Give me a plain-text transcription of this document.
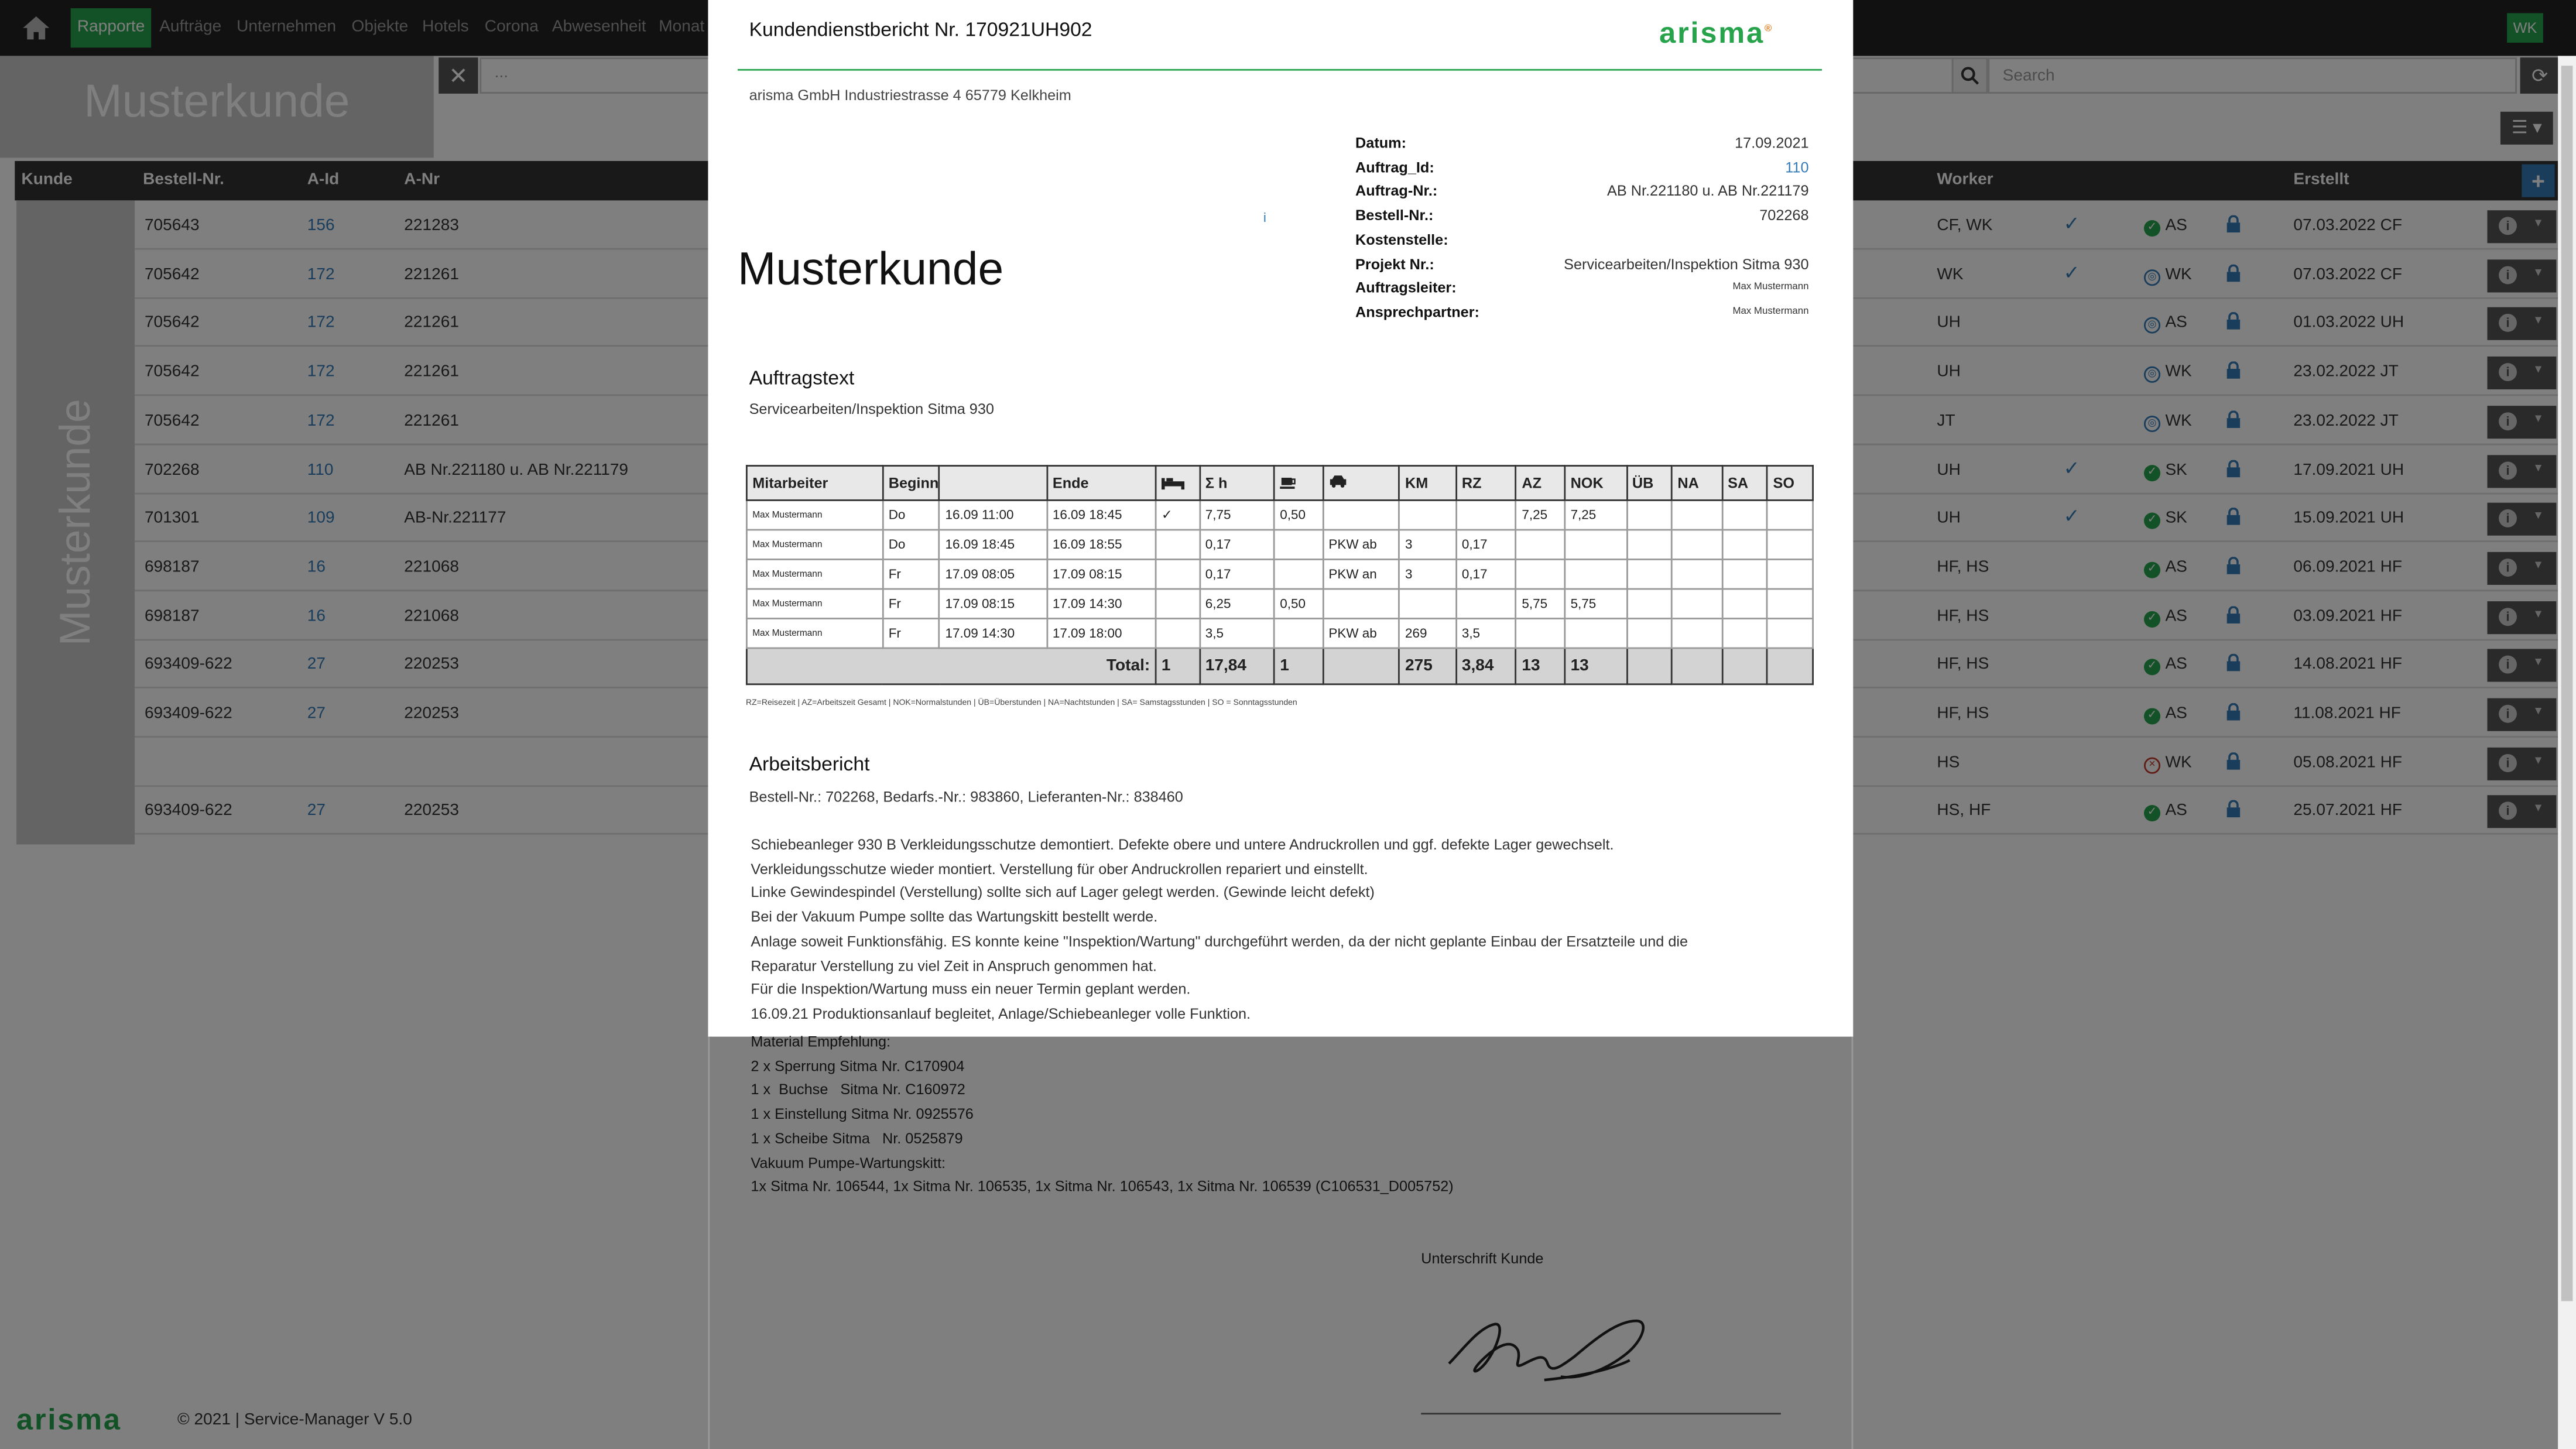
Kundendienstbericht Nr. 170921UH902	arisma®
arisma GmbH Industriestrasse 4 65779 Kelkheim
Musterkunde
i
Datum:	17.09.2021
Auftrag_Id:	110
Auftrag-Nr.:	AB Nr.221180 u. AB Nr.221179
Bestell-Nr.:	702268
Kostenstelle:
Projekt Nr.:	Servicearbeiten/Inspektion Sitma 930
Auftragsleiter:	Max Mustermann
Ansprechpartner:	Max Mustermann
Auftragstext
Servicearbeiten/Inspektion Sitma 930
Mitarbeiter	Beginn		Ende		Σ h			KM	RZ	AZ	NOK	ÜB	NA	SA	SO
Max Mustermann	Do	16.09 11:00	16.09 18:45	✓	7,75	0,50				7,25	7,25				
Max Mustermann	Do	16.09 18:45	16.09 18:55		0,17		PKW ab	3	0,17						
Max Mustermann	Fr	17.09 08:05	17.09 08:15		0,17		PKW an	3	0,17						
Max Mustermann	Fr	17.09 08:15	17.09 14:30		6,25	0,50				5,75	5,75				
Max Mustermann	Fr	17.09 14:30	17.09 18:00		3,5		PKW ab	269	3,5						
Total:				1	17,84	1		275	3,84	13	13				
RZ=Reisezeit | AZ=Arbeitszeit Gesamt | NOK=Normalstunden | ÜB=Überstunden | NA=Nachtstunden | SA= Samstagsstunden | SO = Sonntagsstunden
Arbeitsbericht
Bestell-Nr.: 702268, Bedarfs.-Nr.: 983860, Lieferanten-Nr.: 838460
Schiebeanleger 930 B Verkleidungsschutze demontiert. Defekte obere und untere Andruckrollen und ggf. defekte Lager gewechselt.
Verkleidungsschutze wieder montiert. Verstellung für ober Andruckrollen repariert und einstellt.
Linke Gewindespindel (Verstellung) sollte sich auf Lager gelegt werden. (Gewinde leicht defekt)
Bei der Vakuum Pumpe sollte das Wartungskitt bestellt werde.
Anlage soweit Funktionsfähig. ES konnte keine "Inspektion/Wartung" durchgeführt werden, da der nicht geplante Einbau der Ersatzteile und die
Reparatur Verstellung zu viel Zeit in Anspruch genommen hat.
Für die Inspektion/Wartung muss ein neuer Termin geplant werden.
16.09.21 Produktionsanlauf begleitet, Anlage/Schiebeanleger volle Funktion.
Material Empfehlung:
2 x Sperrung Sitma Nr. C170904
1 x  Buchse   Sitma Nr. C160972
1 x Einstellung Sitma Nr. 0925576
1 x Scheibe Sitma   Nr. 0525879
Vakuum Pumpe-Wartungskitt:
1x Sitma Nr. 106544, 1x Sitma Nr. 106535, 1x Sitma Nr. 106543, 1x Sitma Nr. 106539 (C106531_D005752)
Unterschrift Kunde
